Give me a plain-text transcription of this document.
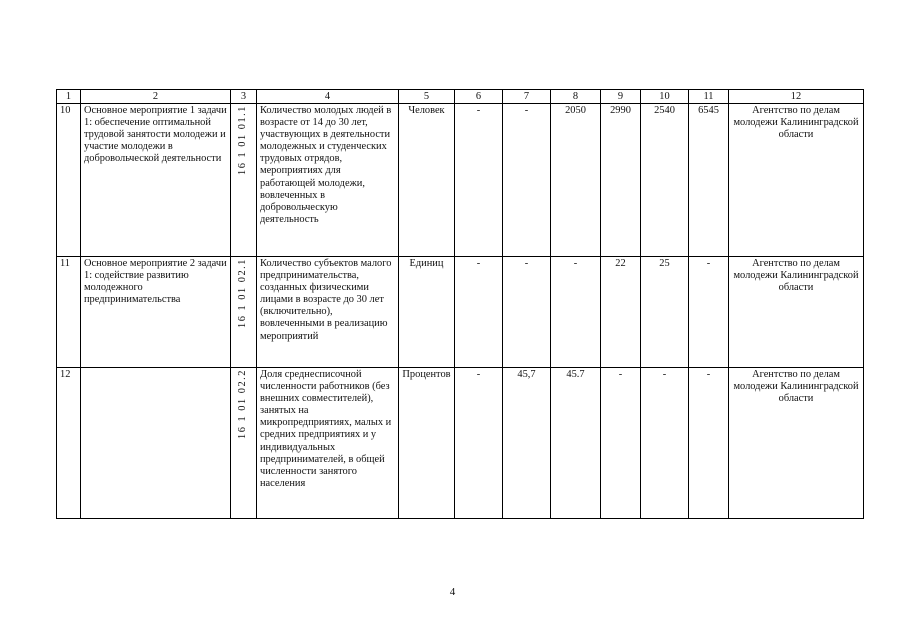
1	2	3	4	5	6	7	8	9	10	11	12
10	Основное мероприятие 1 задачи 1: обеспечение оптимальной трудовой занятости молодежи и участие молодежи в добровольческой деятельности	16 1 01 01.1	Количество молодых людей в возрасте от 14 до 30 лет, участвующих в деятельности молодежных и студенческих трудовых отрядов, мероприятиях для работающей молодежи, вовлеченных в добровольческую деятельность	Человек	-	-	2050	2990	2540	6545	Агентство по делам молодежи Калининградской области
11	Основное мероприятие 2 задачи 1: содействие развитию молодежного предпринимательства	16 1 01 02.1	Количество субъектов малого предпринимательства, созданных физическими лицами в возрасте до 30 лет (включительно), вовлеченными в реализацию мероприятий	Единиц	-	-	-	22	25	-	Агентство по делам молодежи Калининградской области
12		16 1 01 02.2	Доля среднесписочной численности работников (без внешних совместителей), занятых на микропредприятиях, малых и средних предприятиях и у индивидуальных предпринимателей, в общей численности занятого населения	Процентов	-	45,7	45.7	-	-	-	Агентство по делам молодежи Калининградской области
4
